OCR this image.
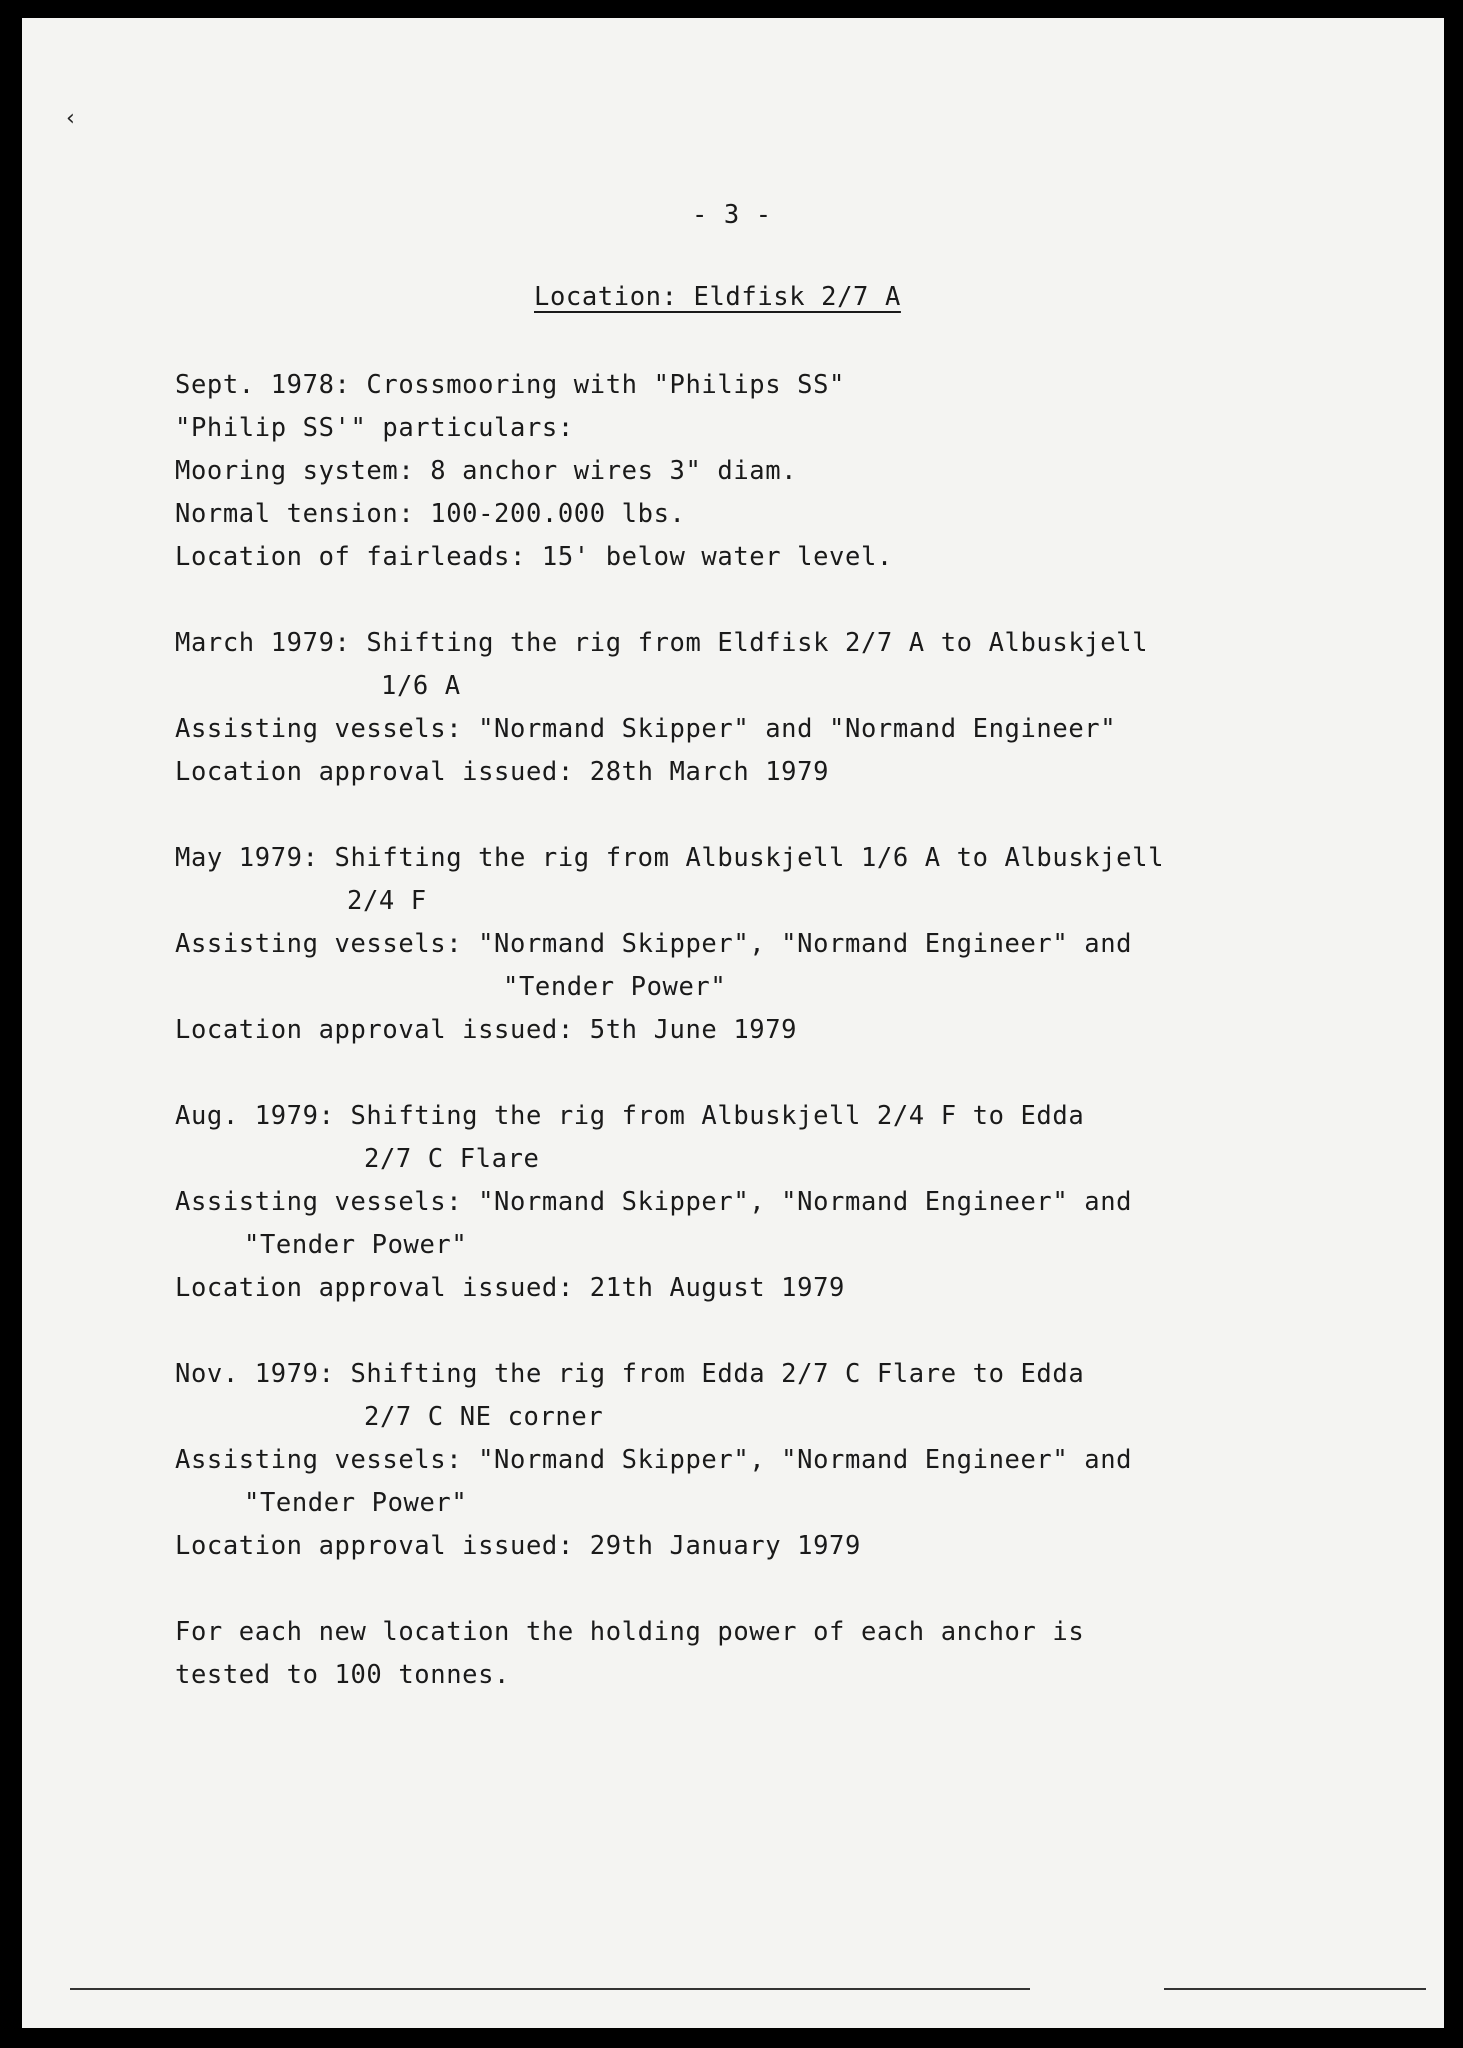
‹
- 3 -
Location: Eldfisk 2/7 A
Sept. 1978: Crossmooring with "Philips SS"
"Philip SS'" particulars:
Mooring system: 8 anchor wires 3" diam.
Normal tension: 100-200.000 lbs.
Location of fairleads: 15' below water level.
March 1979: Shifting the rig from Eldfisk 2/7 A to Albuskjell
1/6 A
Assisting vessels: "Normand Skipper" and "Normand Engineer"
Location approval issued: 28th March 1979
May 1979: Shifting the rig from Albuskjell 1/6 A to Albuskjell
2/4 F
Assisting vessels: "Normand Skipper", "Normand Engineer" and
"Tender Power"
Location approval issued: 5th June 1979
Aug. 1979: Shifting the rig from Albuskjell 2/4 F to Edda
2/7 C Flare
Assisting vessels: "Normand Skipper", "Normand Engineer" and
"Tender Power"
Location approval issued: 21th August 1979
Nov. 1979: Shifting the rig from Edda 2/7 C Flare to Edda
2/7 C NE corner
Assisting vessels: "Normand Skipper", "Normand Engineer" and
"Tender Power"
Location approval issued: 29th January 1979
For each new location the holding power of each anchor is
tested to 100 tonnes.
